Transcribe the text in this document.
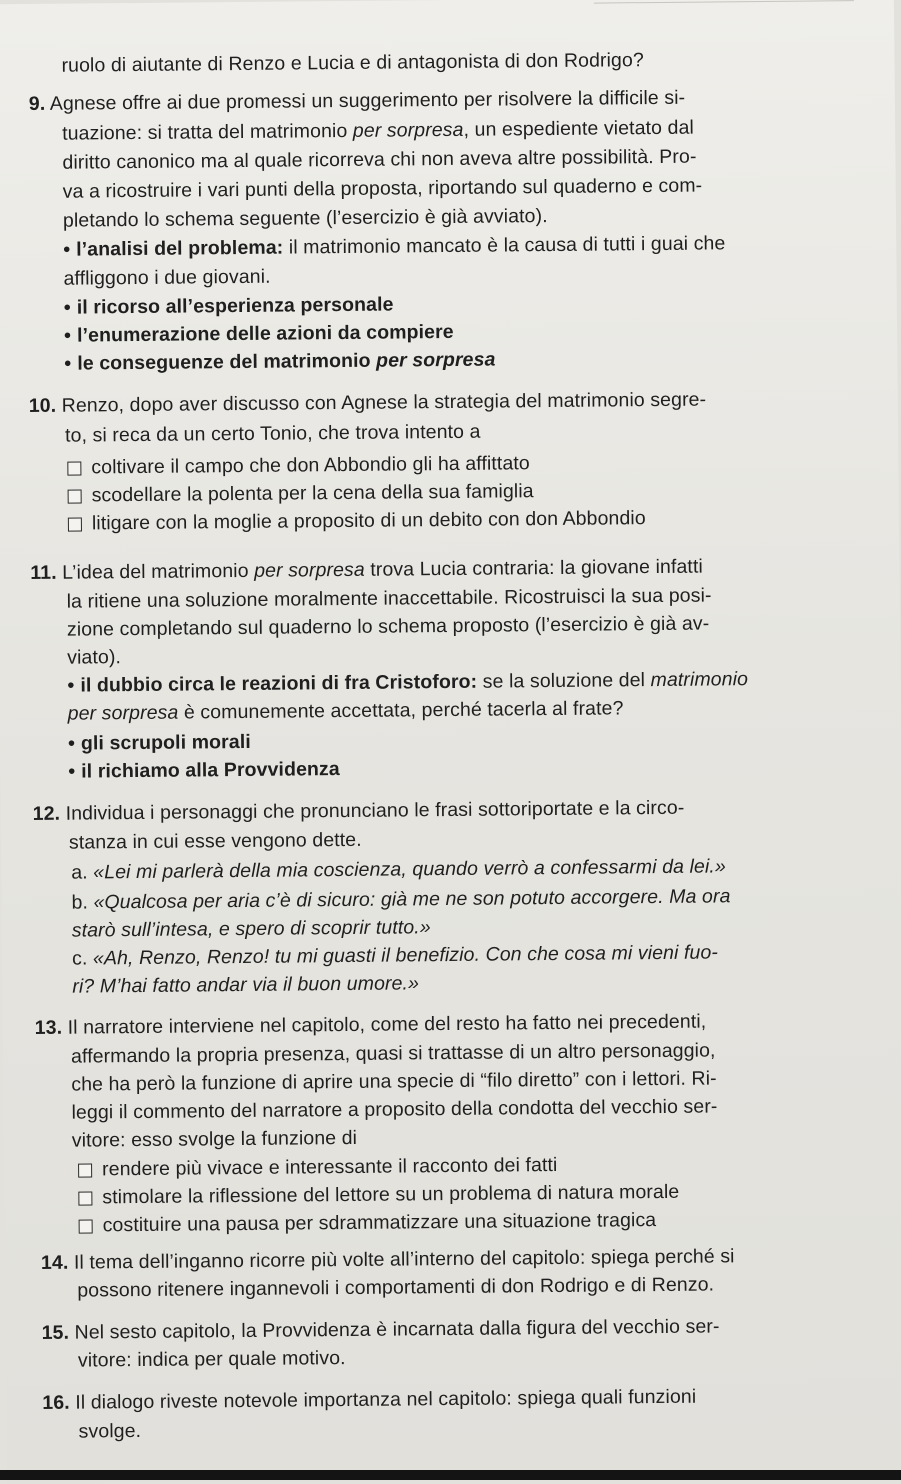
ruolo di aiutante di Renzo e Lucia e di antagonista di don Rodrigo?
9. Agnese offre ai due promessi un suggerimento per risolvere la difficile si-
tuazione: si tratta del matrimonio per sorpresa, un espediente vietato dal
diritto canonico ma al quale ricorreva chi non aveva altre possibilità. Pro-
va a ricostruire i vari punti della proposta, riportando sul quaderno e com-
pletando lo schema seguente (l’esercizio è già avviato).
• l’analisi del problema: il matrimonio mancato è la causa di tutti i guai che
affliggono i due giovani.
• il ricorso all’esperienza personale
• l’enumerazione delle azioni da compiere
• le conseguenze del matrimonio per sorpresa
10. Renzo, dopo aver discusso con Agnese la strategia del matrimonio segre-
to, si reca da un certo Tonio, che trova intento a
coltivare il campo che don Abbondio gli ha affittato
scodellare la polenta per la cena della sua famiglia
litigare con la moglie a proposito di un debito con don Abbondio
11. L’idea del matrimonio per sorpresa trova Lucia contraria: la giovane infatti
la ritiene una soluzione moralmente inaccettabile. Ricostruisci la sua posi-
zione completando sul quaderno lo schema proposto (l’esercizio è già av-
viato).
• il dubbio circa le reazioni di fra Cristoforo: se la soluzione del matrimonio
per sorpresa è comunemente accettata, perché tacerla al frate?
• gli scrupoli morali
• il richiamo alla Provvidenza
12. Individua i personaggi che pronunciano le frasi sottoriportate e la circo-
stanza in cui esse vengono dette.
a. «Lei mi parlerà della mia coscienza, quando verrò a confessarmi da lei.»
b. «Qualcosa per aria c’è di sicuro: già me ne son potuto accorgere. Ma ora
starò sull’intesa, e spero di scoprir tutto.»
c. «Ah, Renzo, Renzo! tu mi guasti il benefizio. Con che cosa mi vieni fuo-
ri? M’hai fatto andar via il buon umore.»
13. Il narratore interviene nel capitolo, come del resto ha fatto nei precedenti,
affermando la propria presenza, quasi si trattasse di un altro personaggio,
che ha però la funzione di aprire una specie di “filo diretto” con i lettori. Ri-
leggi il commento del narratore a proposito della condotta del vecchio ser-
vitore: esso svolge la funzione di
rendere più vivace e interessante il racconto dei fatti
stimolare la riflessione del lettore su un problema di natura morale
costituire una pausa per sdrammatizzare una situazione tragica
14. Il tema dell’inganno ricorre più volte all’interno del capitolo: spiega perché si
possono ritenere ingannevoli i comportamenti di don Rodrigo e di Renzo.
15. Nel sesto capitolo, la Provvidenza è incarnata dalla figura del vecchio ser-
vitore: indica per quale motivo.
16. Il dialogo riveste notevole importanza nel capitolo: spiega quali funzioni
svolge.
